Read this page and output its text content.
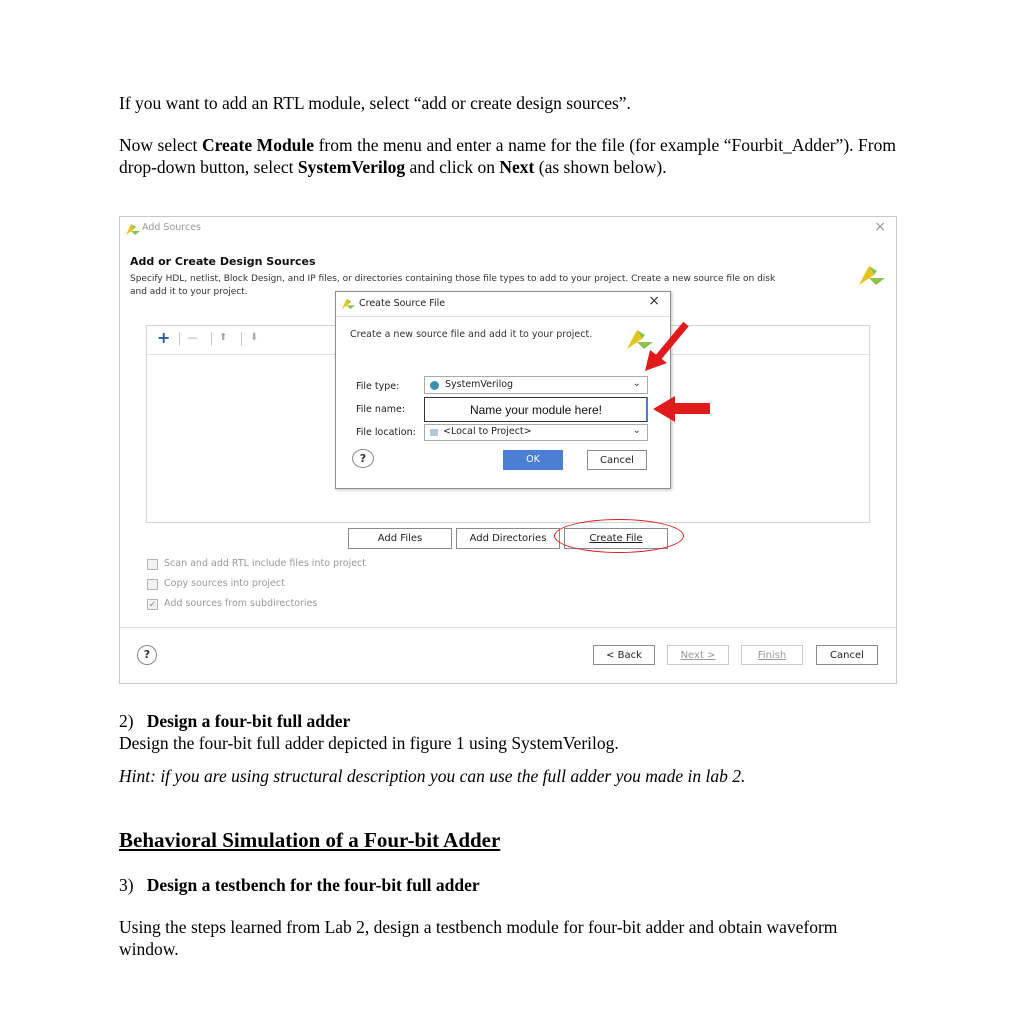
If you want to add an RTL module, select “add or create design sources”.
Now select Create Module from the menu and enter a name for the file (for example “Fourbit_Adder”). From drop-down button, select SystemVerilog and click on Next (as shown below).
Add Sources	×
Add or Create Design Sources
Specify HDL, netlist, Block Design, and IP files, or directories containing those file types to add to your project. Create a new source file on disk
and add it to your project.
+ — ⬆ ⬇
Add Files	Add Directories	Create File
Scan and add RTL include files into project
Copy sources into project
✓ Add sources from subdirectories
?	< Back	Next >	Finish	Cancel
Create Source File	×
Create a new source file and add it to your project.
File type:	SystemVerilog	⌄
File name:	Name your module here!
File location:	<Local to Project>	⌄
?	OK	Cancel
2) Design a four-bit full adder
Design the four-bit full adder depicted in figure 1 using SystemVerilog.
Hint: if you are using structural description you can use the full adder you made in lab 2.
Behavioral Simulation of a Four-bit Adder
3) Design a testbench for the four-bit full adder
Using the steps learned from Lab 2, design a testbench module for four-bit adder and obtain waveform window.
